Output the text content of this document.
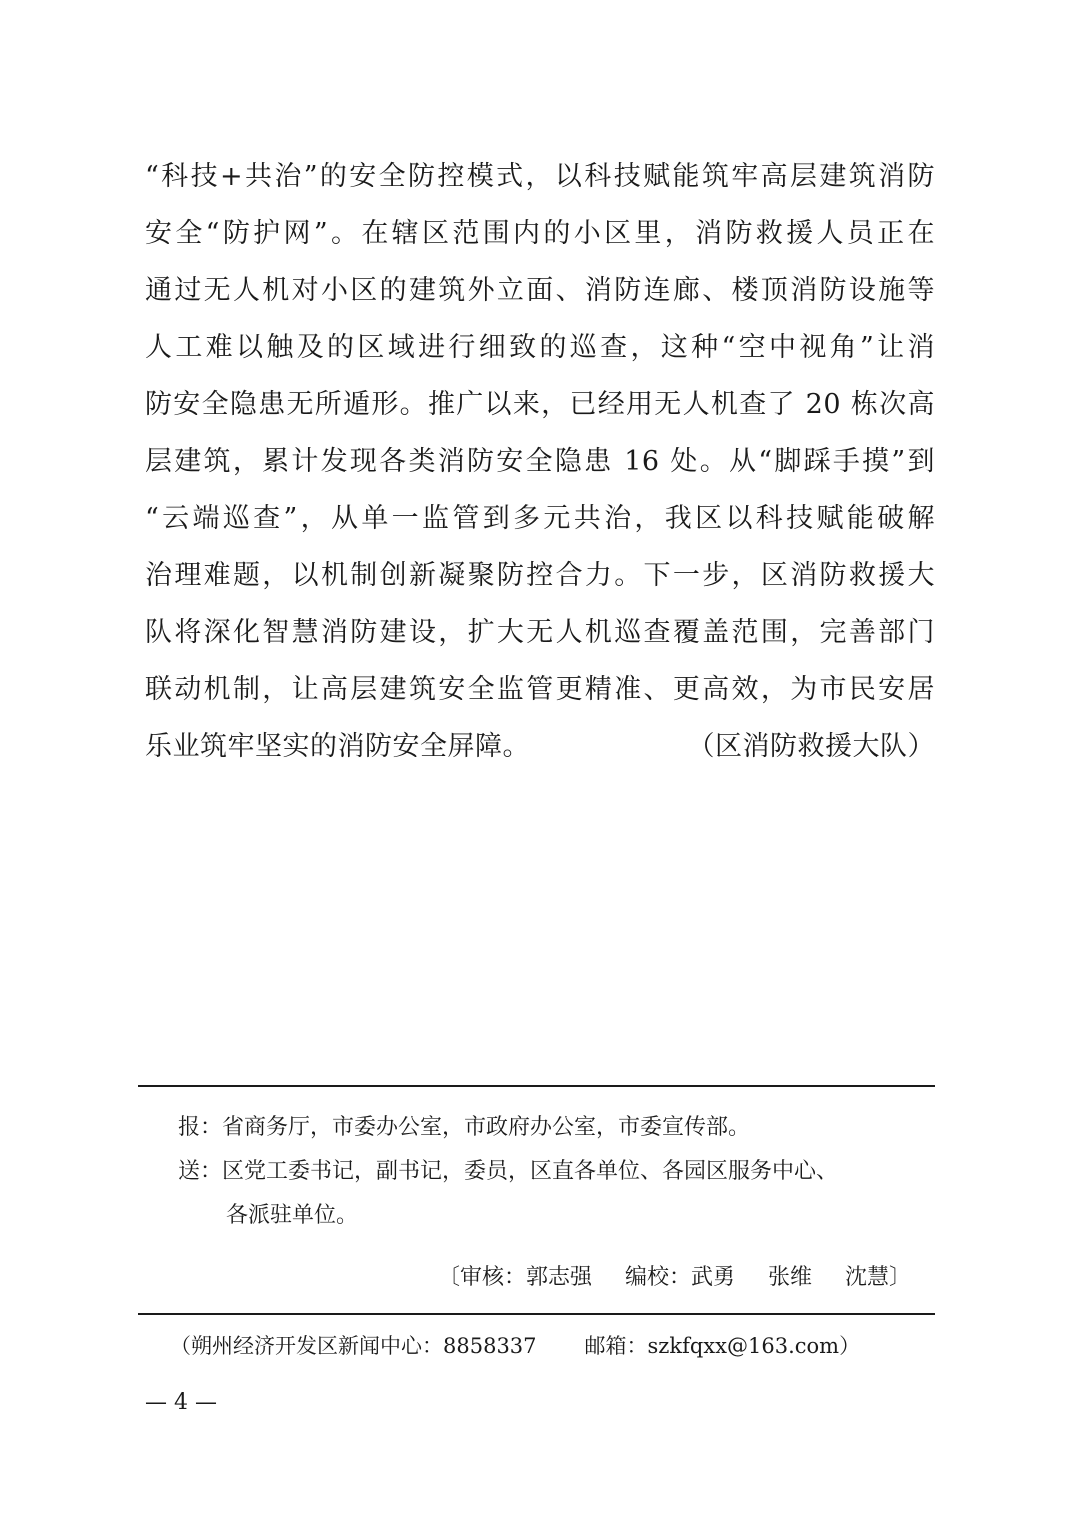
“科技+共治”的安全防控模式，以科技赋能筑牢高层建筑消防
安全“防护网”。在辖区范围内的小区里，消防救援人员正在
通过无人机对小区的建筑外立面、消防连廊、楼顶消防设施等
人工难以触及的区域进行细致的巡查，这种“空中视角”让消
防安全隐患无所遁形。推广以来，已经用无人机查了 20 栋次高
层建筑，累计发现各类消防安全隐患 16 处。从“脚踩手摸”到
“云端巡查”，从单一监管到多元共治，我区以科技赋能破解
治理难题，以机制创新凝聚防控合力。下一步，区消防救援大
队将深化智慧消防建设，扩大无人机巡查覆盖范围，完善部门
联动机制，让高层建筑安全监管更精准、更高效，为市民安居
乐业筑牢坚实的消防安全屏障。	（区消防救援大队）
报：省商务厅，市委办公室，市政府办公室，市委宣传部。
送：区党工委书记，副书记，委员，区直各单位、各园区服务中心、
各派驻单位。
〔审核：郭志强 编校：武勇 张维 沈慧〕
（朔州经济开发区新闻中心：8858337 邮箱：szkfqxx@163.com）
— 4 —
